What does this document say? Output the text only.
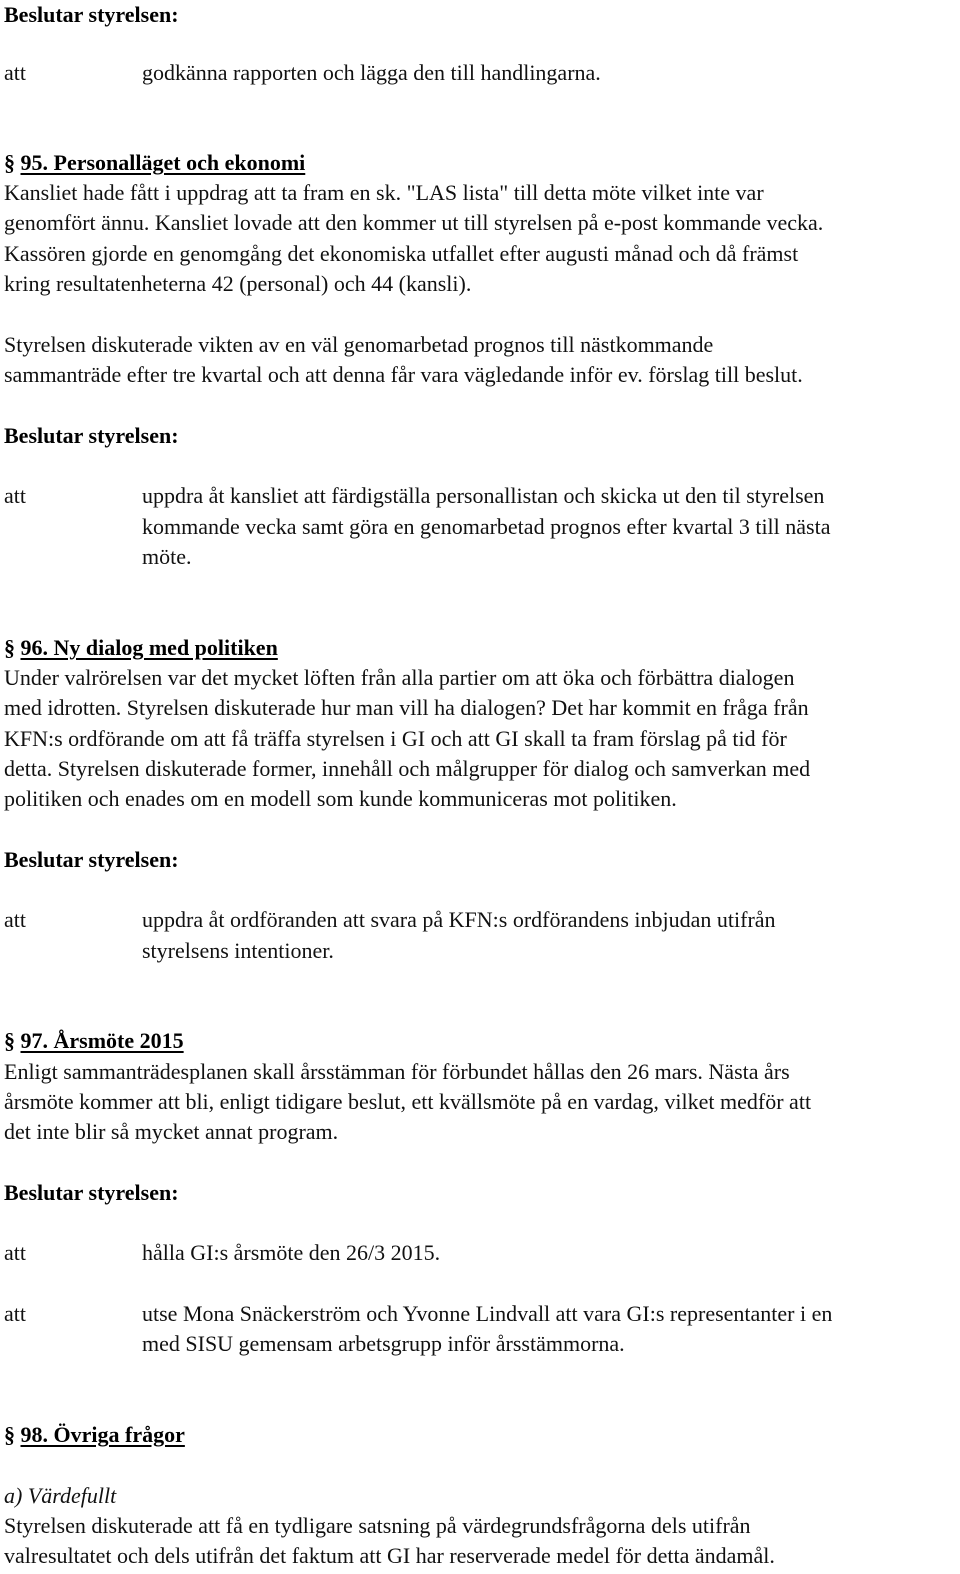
Beslutar styrelsen:
att	godkänna rapporten och lägga den till handlingarna.
§ 95. Personalläget och ekonomi
Kansliet hade fått i uppdrag att ta fram en sk. "LAS lista" till detta möte vilket inte var
genomfört ännu. Kansliet lovade att den kommer ut till styrelsen på e-post kommande vecka.
Kassören gjorde en genomgång det ekonomiska utfallet efter augusti månad och då främst
kring resultatenheterna 42 (personal) och 44 (kansli).
Styrelsen diskuterade vikten av en väl genomarbetad prognos till nästkommande
sammanträde efter tre kvartal och att denna får vara vägledande inför ev. förslag till beslut.
Beslutar styrelsen:
att	uppdra åt kansliet att färdigställa personallistan och skicka ut den til styrelsen
kommande vecka samt göra en genomarbetad prognos efter kvartal 3 till nästa
möte.
§ 96. Ny dialog med politiken
Under valrörelsen var det mycket löften från alla partier om att öka och förbättra dialogen
med idrotten. Styrelsen diskuterade hur man vill ha dialogen? Det har kommit en fråga från
KFN:s ordförande om att få träffa styrelsen i GI och att GI skall ta fram förslag på tid för
detta. Styrelsen diskuterade former, innehåll och målgrupper för dialog och samverkan med
politiken och enades om en modell som kunde kommuniceras mot politiken.
Beslutar styrelsen:
att	uppdra åt ordföranden att svara på KFN:s ordförandens inbjudan utifrån
styrelsens intentioner.
§ 97. Årsmöte 2015
Enligt sammanträdesplanen skall årsstämman för förbundet hållas den 26 mars. Nästa års
årsmöte kommer att bli, enligt tidigare beslut, ett kvällsmöte på en vardag, vilket medför att
det inte blir så mycket annat program.
Beslutar styrelsen:
att	hålla GI:s årsmöte den 26/3 2015.
att	utse Mona Snäckerström och Yvonne Lindvall att vara GI:s representanter i en
med SISU gemensam arbetsgrupp inför årsstämmorna.
§ 98. Övriga frågor
a) Värdefullt
Styrelsen diskuterade att få en tydligare satsning på värdegrundsfrågorna dels utifrån
valresultatet och dels utifrån det faktum att GI har reserverade medel för detta ändamål.
